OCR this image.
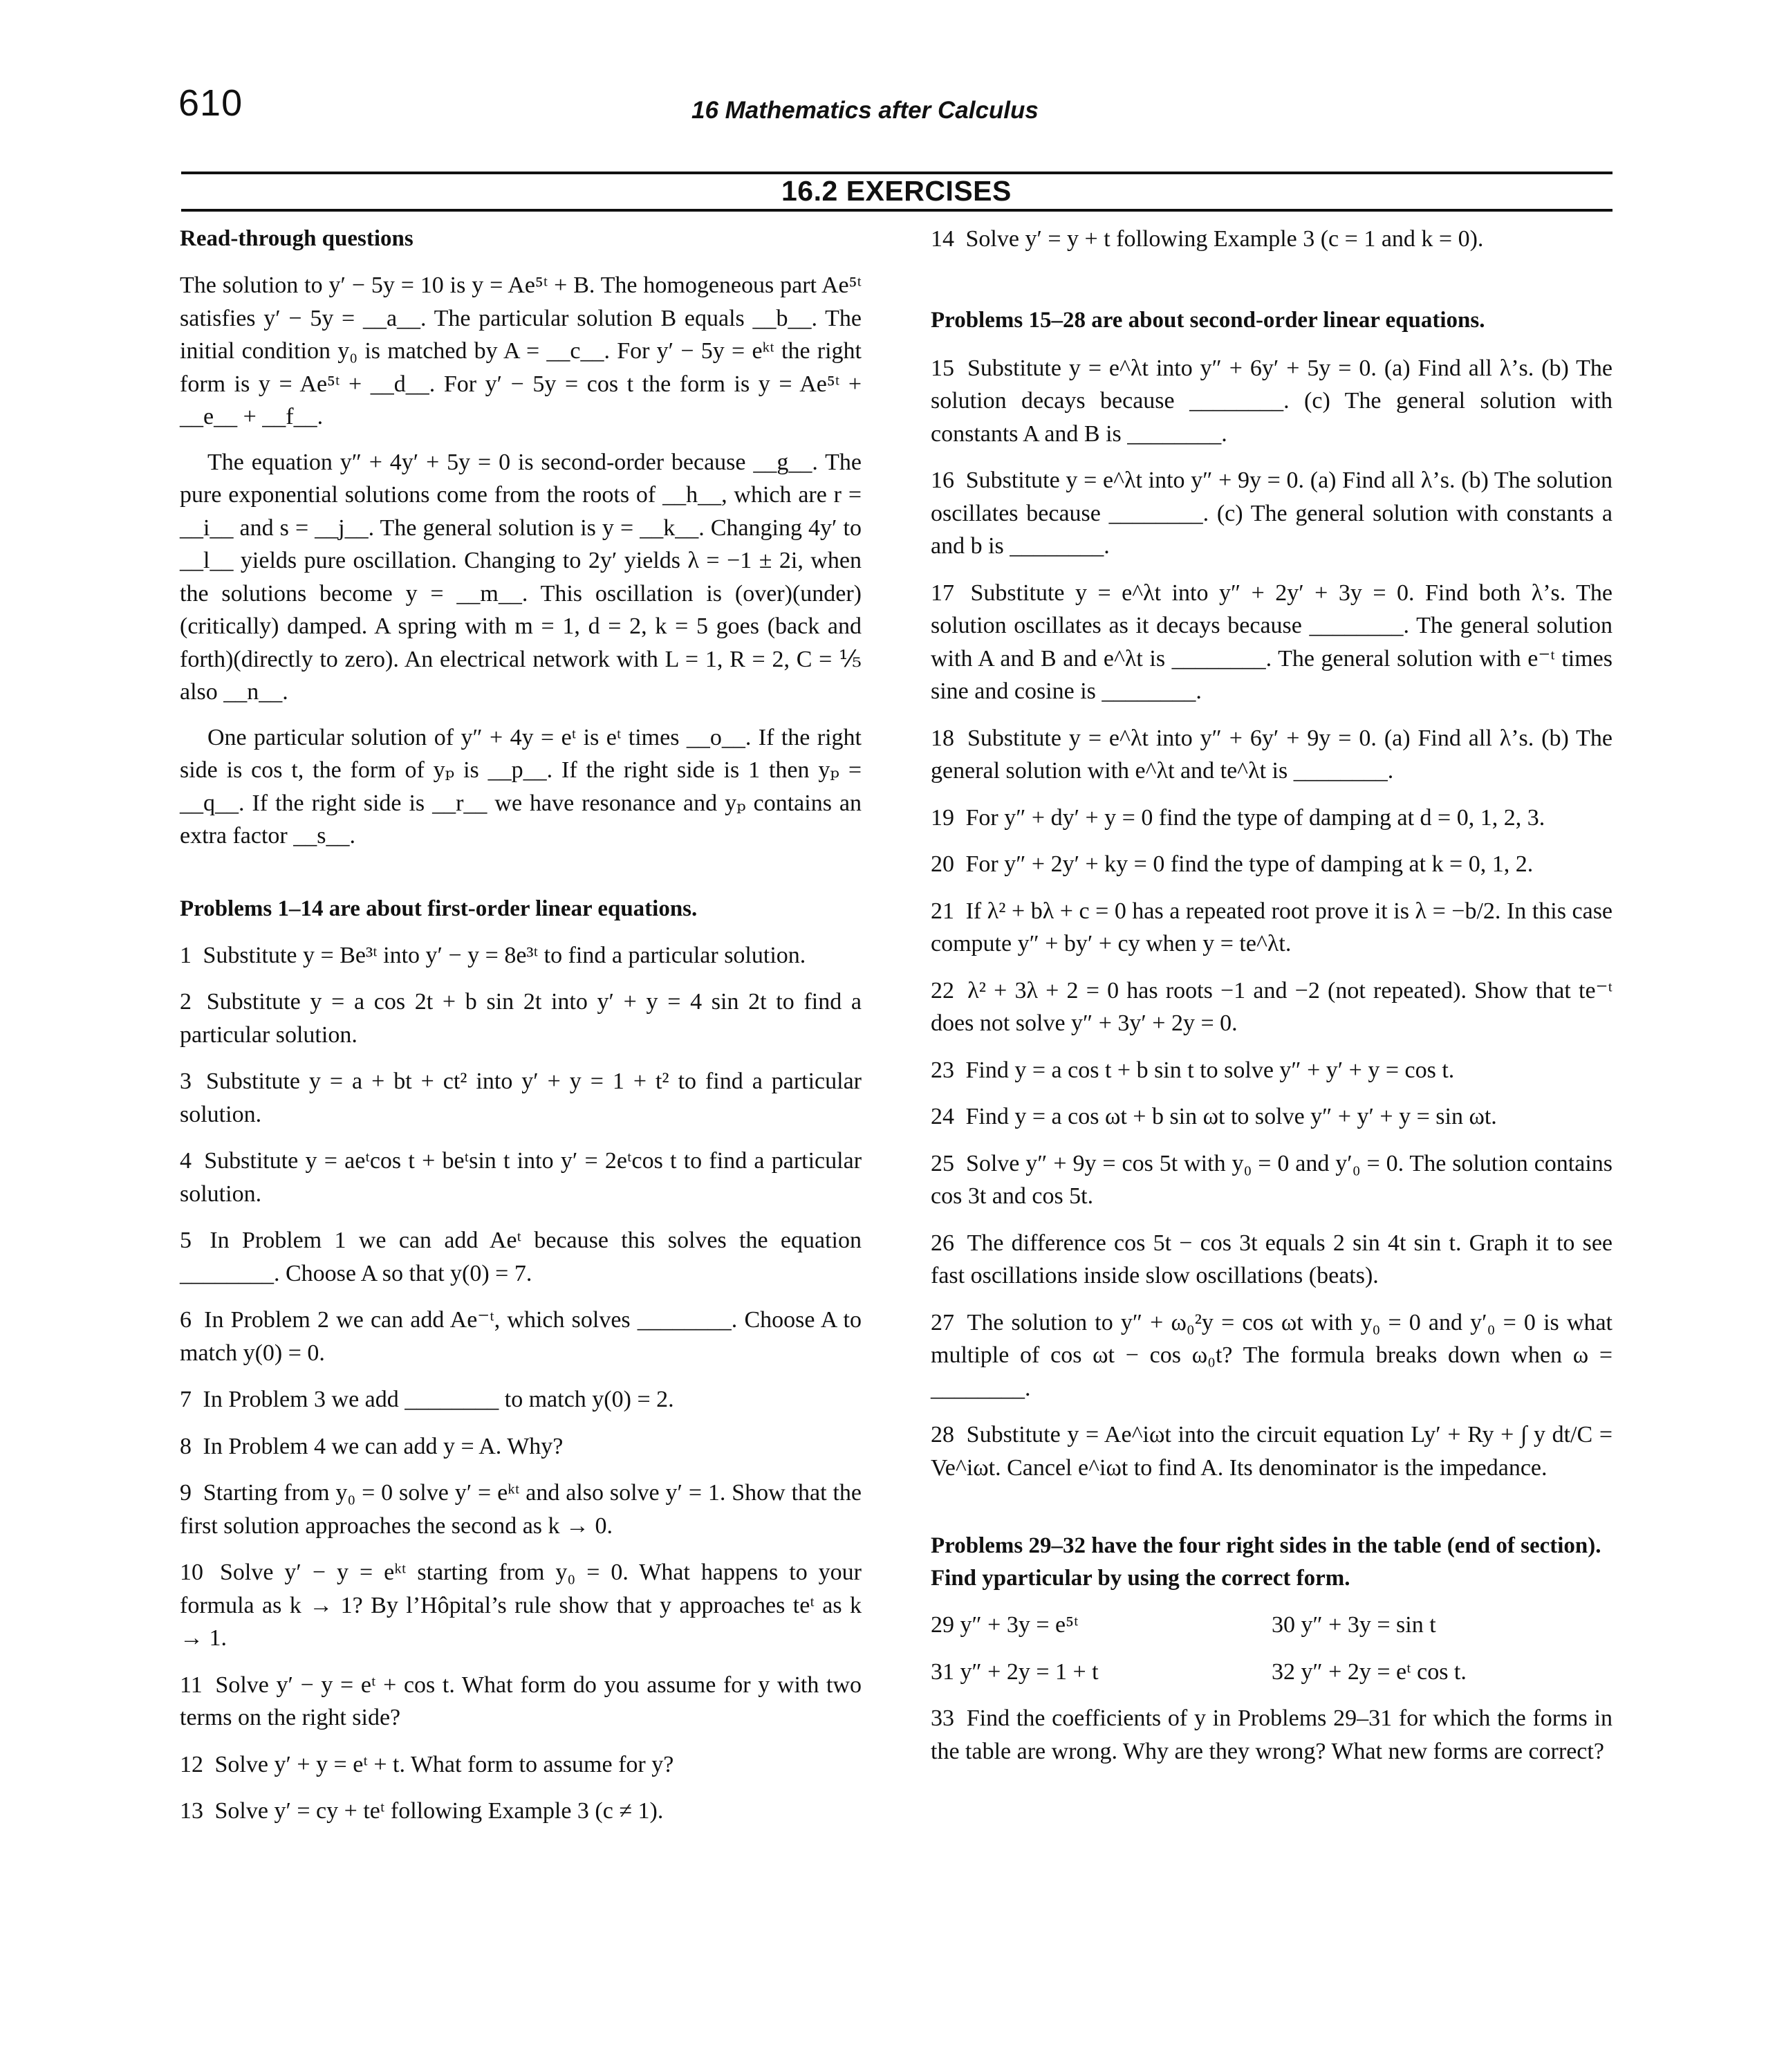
610	16 Mathematics after Calculus
16.2 EXERCISES
Read-through questions

The solution to y′ − 5y = 10 is y = Ae⁵ᵗ + B. The homogeneous part Ae⁵ᵗ satisfies y′ − 5y = __a__. The particular solution B equals __b__. The initial condition y₀ is matched by A = __c__. For y′ − 5y = eᵏᵗ the right form is y = Ae⁵ᵗ + __d__. For y′ − 5y = cos t the form is y = Ae⁵ᵗ + __e__ + __f__.

The equation y″ + 4y′ + 5y = 0 is second-order because __g__. The pure exponential solutions come from the roots of __h__, which are r = __i__ and s = __j__. The general solution is y = __k__. Changing 4y′ to __l__ yields pure oscillation. Changing to 2y′ yields λ = −1 ± 2i, when the solutions become y = __m__. This oscillation is (over)(under)(critically) damped. A spring with m = 1, d = 2, k = 5 goes (back and forth)(directly to zero). An electrical network with L = 1, R = 2, C = ⅕ also __n__.

One particular solution of y″ + 4y = eᵗ is eᵗ times __o__. If the right side is cos t, the form of yₚ is __p__. If the right side is 1 then yₚ = __q__. If the right side is __r__ we have resonance and yₚ contains an extra factor __s__.

Problems 1–14 are about first-order linear equations.
1 Substitute y = Be³ᵗ into y′ − y = 8e³ᵗ to find a particular solution.
2 Substitute y = a cos 2t + b sin 2t into y′ + y = 4 sin 2t to find a particular solution.
3 Substitute y = a + bt + ct² into y′ + y = 1 + t² to find a particular solution.
4 Substitute y = aeᵗcos t + beᵗsin t into y′ = 2eᵗcos t to find a particular solution.
5 In Problem 1 we can add Aeᵗ because this solves the equation ________. Choose A so that y(0) = 7.
6 In Problem 2 we can add Ae⁻ᵗ, which solves ________. Choose A to match y(0) = 0.
7 In Problem 3 we add ________ to match y(0) = 2.
8 In Problem 4 we can add y = A. Why?
9 Starting from y₀ = 0 solve y′ = eᵏᵗ and also solve y′ = 1. Show that the first solution approaches the second as k → 0.
10 Solve y′ − y = eᵏᵗ starting from y₀ = 0. What happens to your formula as k → 1? By l’Hôpital’s rule show that y approaches teᵗ as k → 1.
11 Solve y′ − y = eᵗ + cos t. What form do you assume for y with two terms on the right side?
12 Solve y′ + y = eᵗ + t. What form to assume for y?
13 Solve y′ = cy + teᵗ following Example 3 (c ≠ 1).
14 Solve y′ = y + t following Example 3 (c = 1 and k = 0).
Problems 15–28 are about second-order linear equations.
15 Substitute y = e^λt into y″ + 6y′ + 5y = 0. (a) Find all λ’s. (b) The solution decays because ________. (c) The general solution with constants A and B is ________.
16 Substitute y = e^λt into y″ + 9y = 0. (a) Find all λ’s. (b) The solution oscillates because ________. (c) The general solution with constants a and b is ________.
17 Substitute y = e^λt into y″ + 2y′ + 3y = 0. Find both λ’s. The solution oscillates as it decays because ________. The general solution with A and B and e^λt is ________. The general solution with e⁻ᵗ times sine and cosine is ________.
18 Substitute y = e^λt into y″ + 6y′ + 9y = 0. (a) Find all λ’s. (b) The general solution with e^λt and te^λt is ________.
19 For y″ + dy′ + y = 0 find the type of damping at d = 0, 1, 2, 3.
20 For y″ + 2y′ + ky = 0 find the type of damping at k = 0, 1, 2.
21 If λ² + bλ + c = 0 has a repeated root prove it is λ = −b/2. In this case compute y″ + by′ + cy when y = te^λt.
22 λ² + 3λ + 2 = 0 has roots −1 and −2 (not repeated). Show that te⁻ᵗ does not solve y″ + 3y′ + 2y = 0.
23 Find y = a cos t + b sin t to solve y″ + y′ + y = cos t.
24 Find y = a cos ωt + b sin ωt to solve y″ + y′ + y = sin ωt.
25 Solve y″ + 9y = cos 5t with y₀ = 0 and y′₀ = 0. The solution contains cos 3t and cos 5t.
26 The difference cos 5t − cos 3t equals 2 sin 4t sin t. Graph it to see fast oscillations inside slow oscillations (beats).
27 The solution to y″ + ω₀²y = cos ωt with y₀ = 0 and y′₀ = 0 is what multiple of cos ωt − cos ω₀t? The formula breaks down when ω = ________.
28 Substitute y = Ae^iωt into the circuit equation Ly′ + Ry + ∫ y dt/C = Ve^iωt. Cancel e^iωt to find A. Its denominator is the impedance.
Problems 29–32 have the four right sides in the table (end of section). Find yparticular by using the correct form.
29 y″ + 3y = e⁵ᵗ	30 y″ + 3y = sin t
31 y″ + 2y = 1 + t	32 y″ + 2y = eᵗ cos t.
33 Find the coefficients of y in Problems 29–31 for which the forms in the table are wrong. Why are they wrong? What new forms are correct?
